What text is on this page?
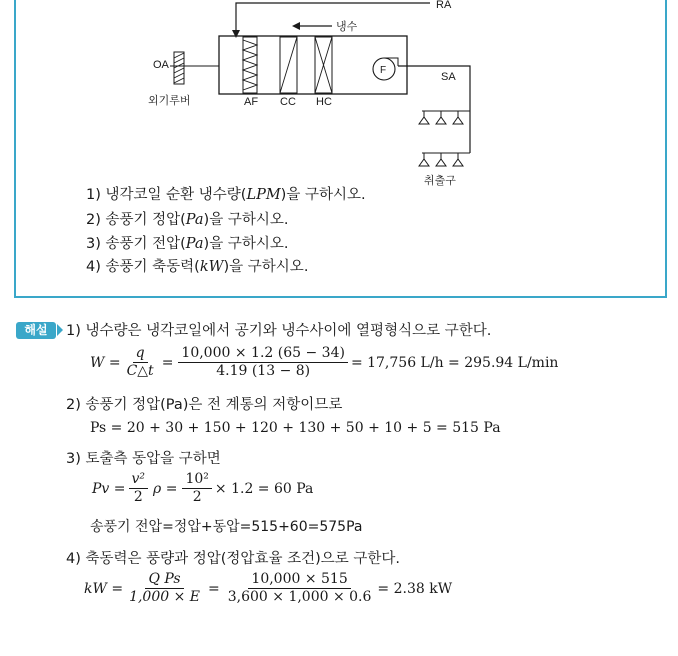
RA
냉수
F
OA
외기루버	AF CC HC
SA
취출구
1) 냉각코일 순환 냉수량(LPM)을 구하시오.
2) 송풍기 정압(Pa)을 구하시오.
3) 송풍기 전압(Pa)을 구하시오.
4) 송풍기 축동력(kW)을 구하시오.
해설	1) 냉수량은 냉각코일에서 공기와 냉수사이에 열평형식으로 구한다.
$W = \frac{q}{C\triangle t} = \frac{10,000 \times 1.2 (65 - 34)}{4.19 (13 - 8)} = 17,756$ L/h = 295.94 L/min
2) 송풍기 정압(Pa)은 전 계통의 저항이므로
Ps = 20 + 30 + 150 + 120 + 130 + 50 + 10 + 5 = 515 Pa
3) 토출측 동압을 구하면
$Pv = \frac{\text{v²}}{2}$ $\rho = \frac{\text{10²}}{2} \times 1.2 = 60$ Pa
송풍기 전압=정압+동압=515+60=575Pa
4) 축동력은 풍량과 정압(정압효율 조건)으로 구한다.
kW = $\frac{\text{Q Ps}}{1,000 \times E} = \frac{10,000 \times 515}{3,600 \times 1,000 \times 0.6} = 2.38$ kW
